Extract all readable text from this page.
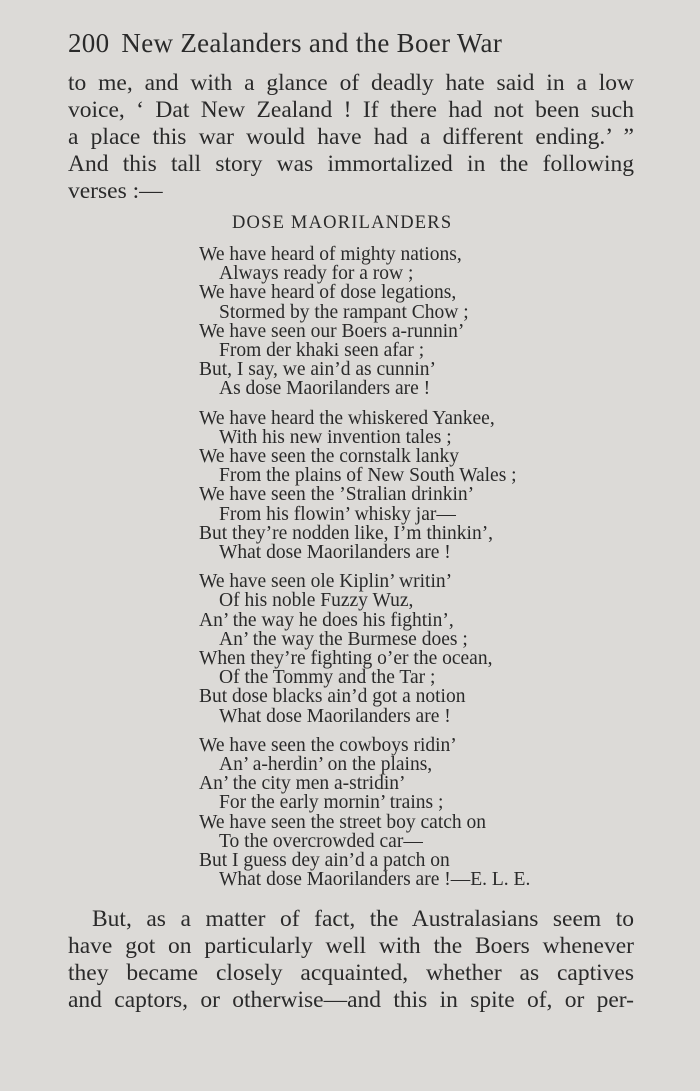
200 New Zealanders and the Boer War
to me, and with a glance of deadly hate said in a low
voice, ‘ Dat New Zealand ! If there had not been such
a place this war would have had a different ending.’ ”
And this tall story was immortalized in the following
verses :—
DOSE MAORILANDERS
We have heard of mighty nations,
Always ready for a row ;
We have heard of dose legations,
Stormed by the rampant Chow ;
We have seen our Boers a-runnin’
From der khaki seen afar ;
But, I say, we ain’d as cunnin’
As dose Maorilanders are !
We have heard the whiskered Yankee,
With his new invention tales ;
We have seen the cornstalk lanky
From the plains of New South Wales ;
We have seen the ’Stralian drinkin’
From his flowin’ whisky jar—
But they’re nodden like, I’m thinkin’,
What dose Maorilanders are !
We have seen ole Kiplin’ writin’
Of his noble Fuzzy Wuz,
An’ the way he does his fightin’,
An’ the way the Burmese does ;
When they’re fighting o’er the ocean,
Of the Tommy and the Tar ;
But dose blacks ain’d got a notion
What dose Maorilanders are !
We have seen the cowboys ridin’
An’ a-herdin’ on the plains,
An’ the city men a-stridin’
For the early mornin’ trains ;
We have seen the street boy catch on
To the overcrowded car—
But I guess dey ain’d a patch on
What dose Maorilanders are !—E. L. E.
But, as a matter of fact, the Australasians seem to
have got on particularly well with the Boers whenever
they became closely acquainted, whether as captives
and captors, or otherwise—and this in spite of, or per-
